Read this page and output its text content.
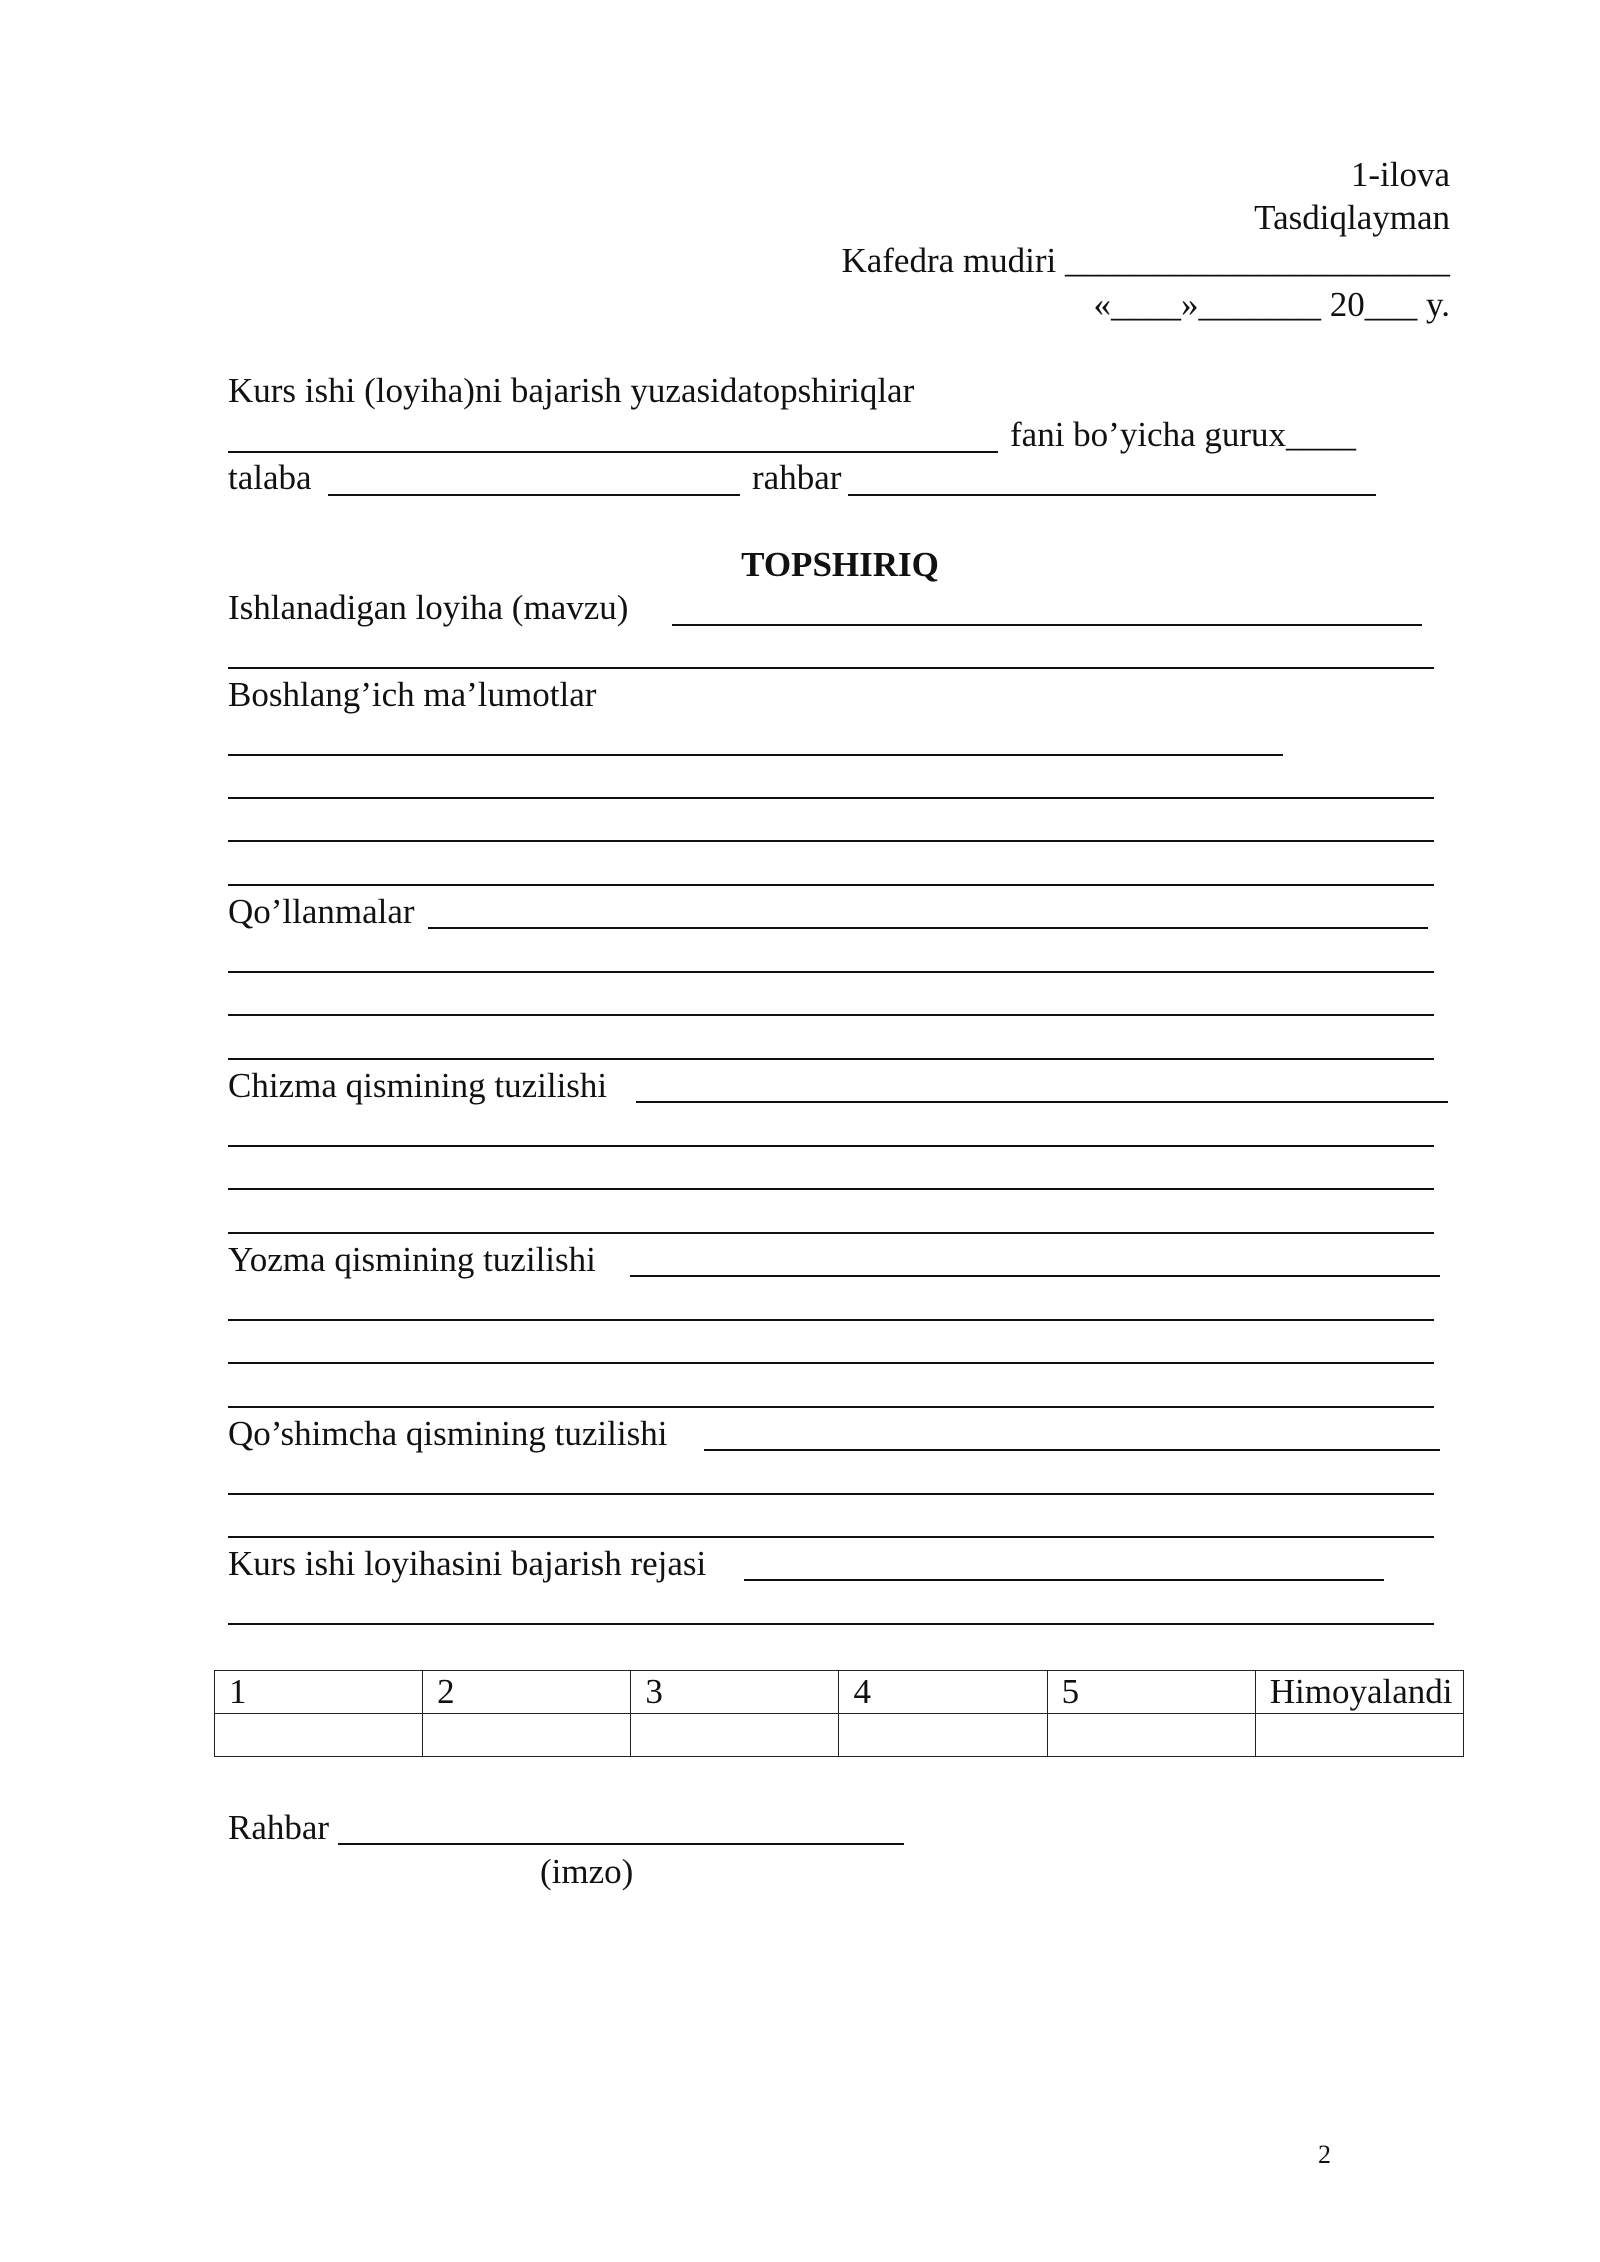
1-ilova
Tasdiqlayman
Kafedra mudiri ______________________
«____»_______ 20___ y.
Kurs ishi (loyiha)ni bajarish yuzasidatopshiriqlar
fani bo’yicha gurux____
talaba	rahbar
TOPSHIRIQ
Ishlanadigan loyiha (mavzu)
Boshlang’ich ma’lumotlar
Qo’llanmalar
Chizma qismining tuzilishi
Yozma qismining tuzilishi
Qo’shimcha qismining tuzilishi
Kurs ishi loyihasini bajarish rejasi
1	2	3	4	5	Himoyalandi

Rahbar
(imzo)
2
